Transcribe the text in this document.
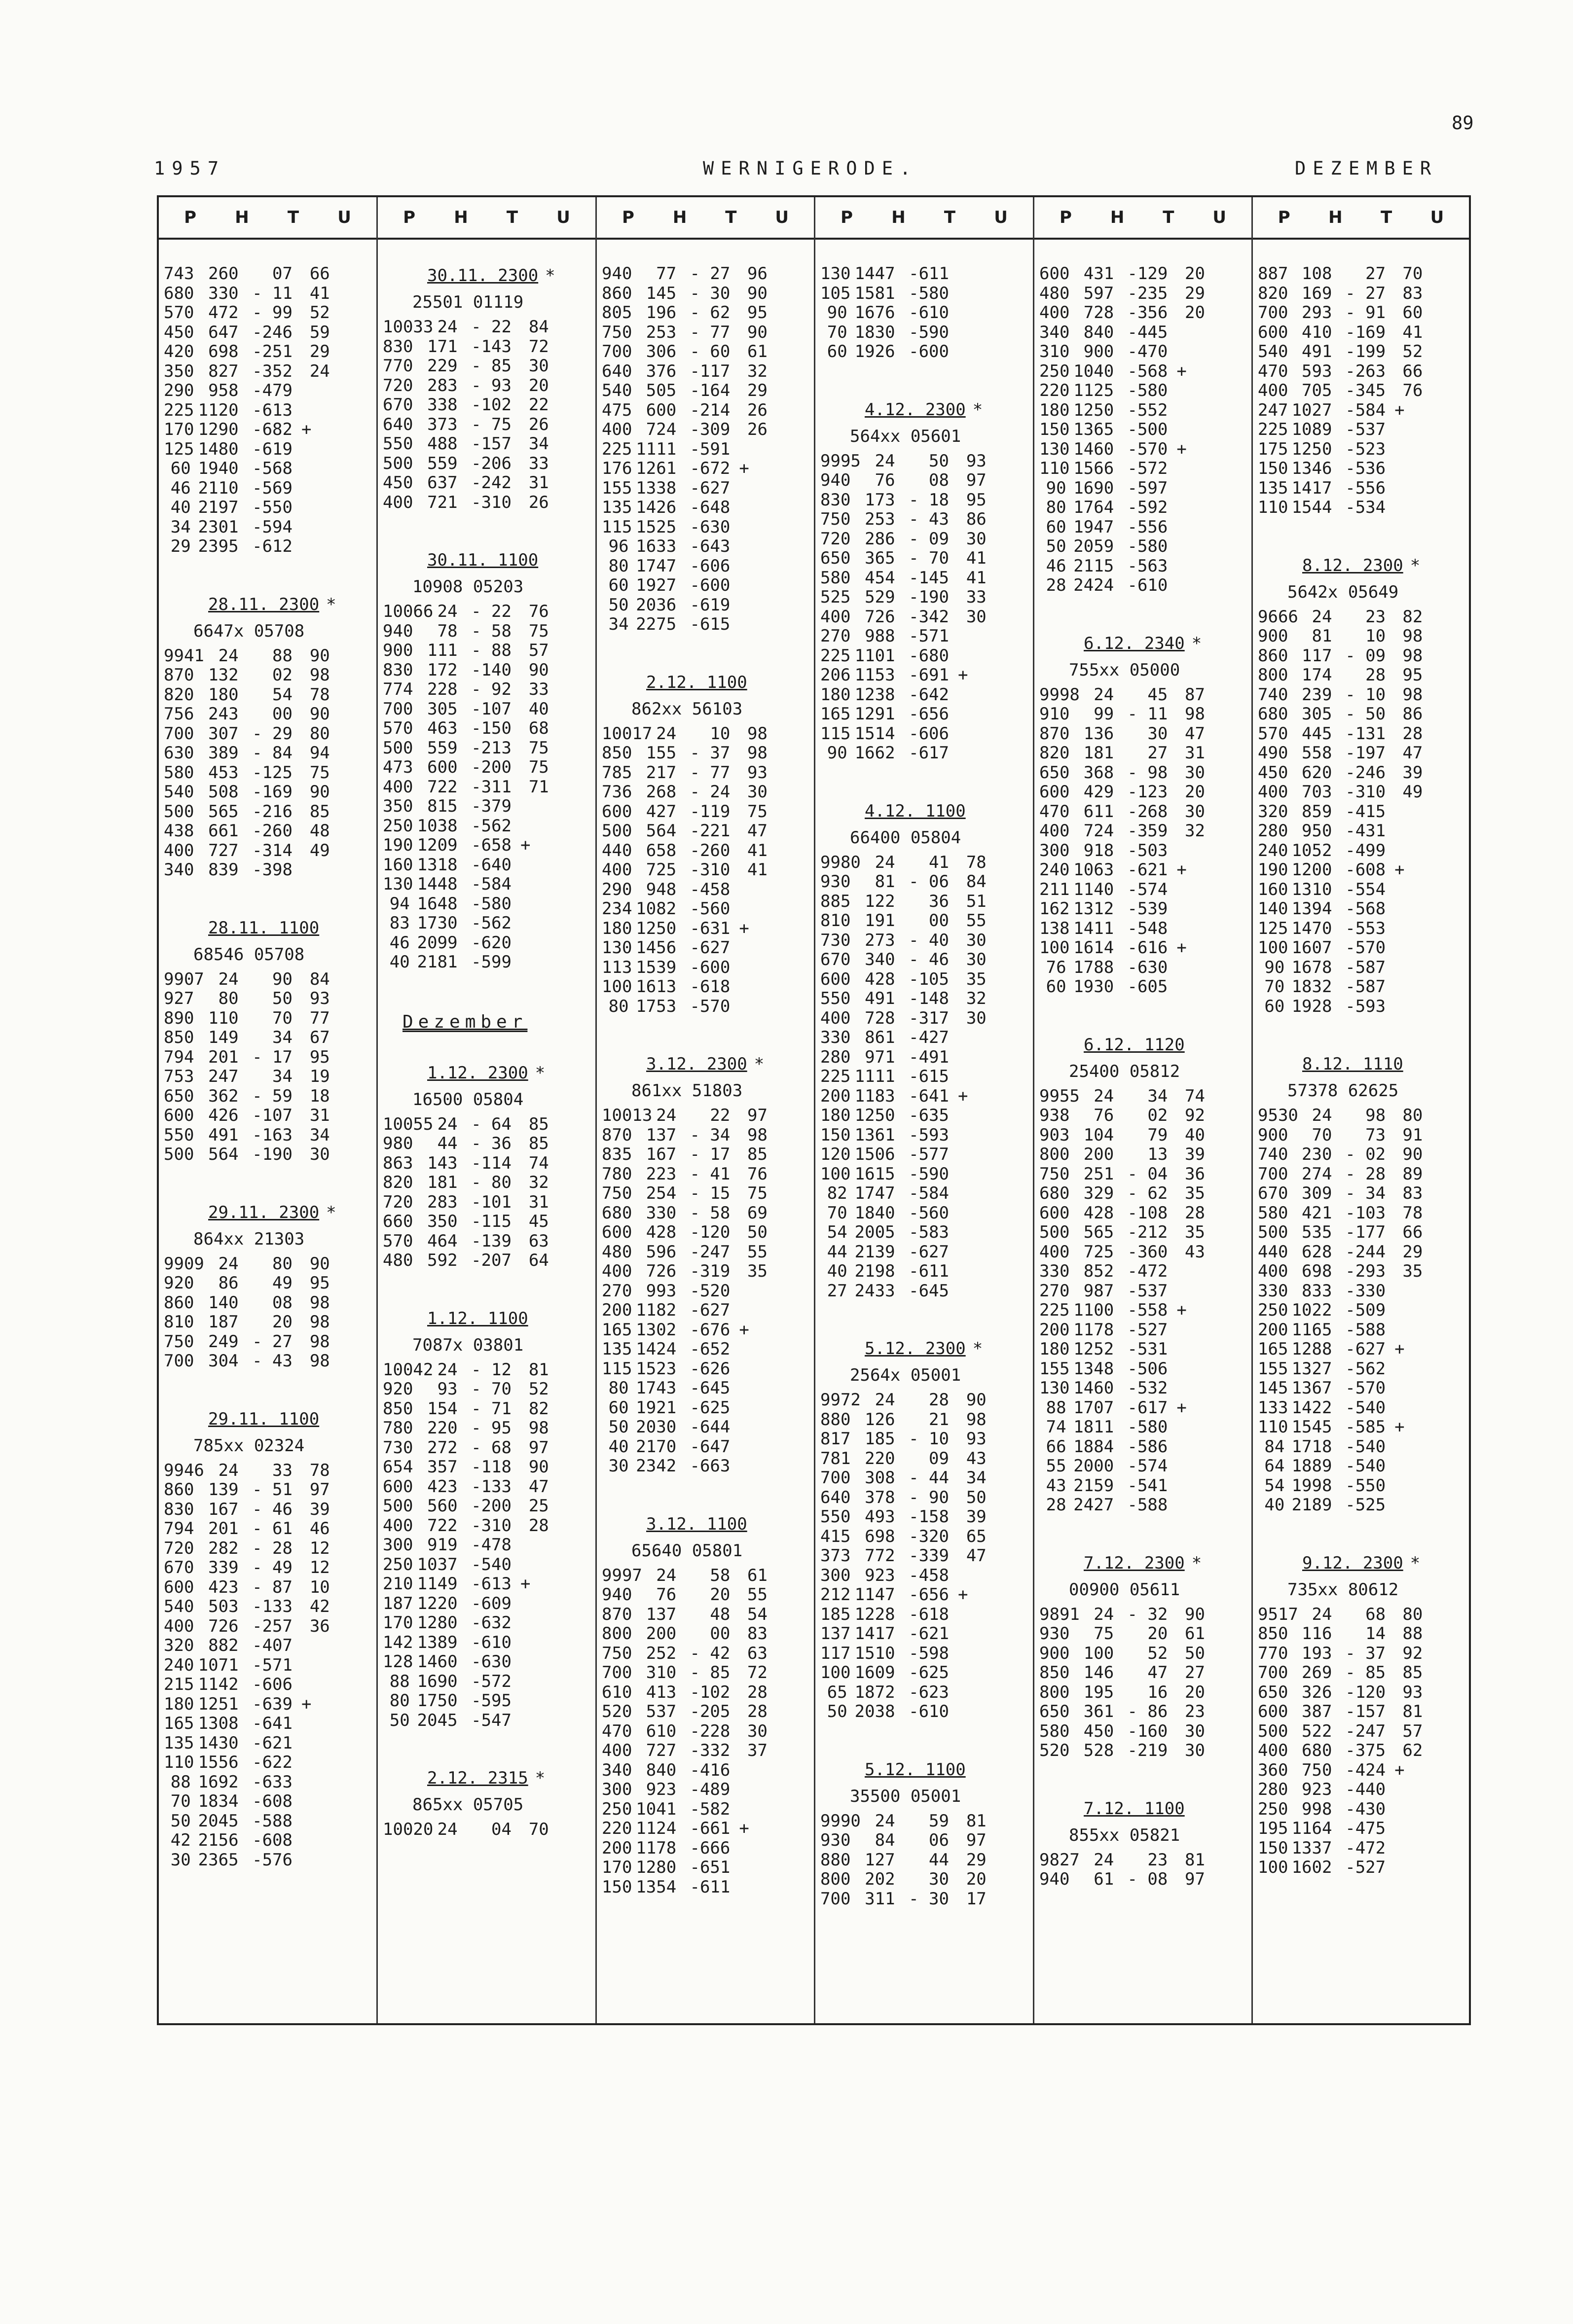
89
1957	WERNIGERODE.	DEZEMBER
P H T U
743 260	07	66
680 330 - 11	41
570 472 - 99	52
450 647 -246	59
420 698 -251	29
350 827 -352	24
290 958 -479
225 1120 -613
170 1290 -682 +
125 1480 -619
60 1940 -568
46 2110 -569
40 2197 -550
34 2301 -594
29 2395 -612
28.11. 2300 *
6647x 05708
9941 24	88	90
870 132	02	98
820 180	54	78
756 243	00	90
700 307 - 29	80
630 389 - 84	94
580 453 -125	75
540 508 -169	90
500 565 -216	85
438 661 -260	48
400 727 -314	49
340 839 -398
28.11. 1100
68546 05708
9907 24	90	84
927	80	50	93
890 110	70	77
850 149	34	67
794 201 - 17	95
753 247	34	19
650 362 - 59	18
600 426 -107	31
550 491 -163	34
500 564 -190	30
29.11. 2300 *
864xx 21303
9909 24	80	90
920	86	49	95
860 140	08	98
810 187	20	98
750 249 - 27	98
700 304 - 43	98
29.11. 1100
785xx 02324
9946 24	33	78
860 139 - 51	97
830 167 - 46	39
794 201 - 61	46
720 282 - 28	12
670 339 - 49	12
600 423 - 87	10
540 503 -133	42
400 726 -257	36
320 882 -407
240 1071 -571
215 1142 -606
180 1251 -639 +
165 1308 -641
135 1430 -621
110 1556 -622
88 1692 -633
70 1834 -608
50 2045 -588
42 2156 -608
30 2365 -576
P H T U
30.11. 2300 *
25501 01119
10033 24 - 22	84
830 171 -143	72
770 229 - 85	30
720 283 - 93	20
670 338 -102	22
640 373 - 75	26
550 488 -157	34
500 559 -206	33
450 637 -242	31
400 721 -310	26
30.11. 1100
10908 05203
10066 24 - 22	76
940	78 - 58	75
900 111 - 88	57
830 172 -140	90
774 228 - 92	33
700 305 -107	40
570 463 -150	68
500 559 -213	75
473 600 -200	75
400 722 -311	71
350 815 -379
250 1038 -562
190 1209 -658 +
160 1318 -640
130 1448 -584
94 1648 -580
83 1730 -562
46 2099 -620
40 2181 -599
Dezember
1.12. 2300 *
16500 05804
10055 24 - 64	85
980	44 - 36	85
863 143 -114	74
820 181 - 80	32
720 283 -101	31
660 350 -115	45
570 464 -139	63
480 592 -207	64
1.12. 1100
7087x 03801
10042 24 - 12	81
920	93 - 70	52
850 154 - 71	82
780 220 - 95	98
730 272 - 68	97
654 357 -118	90
600 423 -133	47
500 560 -200	25
400 722 -310	28
300 919 -478
250 1037 -540
210 1149 -613 +
187 1220 -609
170 1280 -632
142 1389 -610
128 1460 -630
88 1690 -572
80 1750 -595
50 2045 -547
2.12. 2315 *
865xx 05705
10020 24	04	70
P H T U
940	77 - 27	96
860 145 - 30	90
805 196 - 62	95
750 253 - 77	90
700 306 - 60	61
640 376 -117	32
540 505 -164	29
475 600 -214	26
400 724 -309	26
225 1111 -591
176 1261 -672 +
155 1338 -627
135 1426 -648
115 1525 -630
96 1633 -643
80 1747 -606
60 1927 -600
50 2036 -619
34 2275 -615
2.12. 1100
862xx 56103
10017 24	10	98
850 155 - 37	98
785 217 - 77	93
736 268 - 24	30
600 427 -119	75
500 564 -221	47
440 658 -260	41
400 725 -310	41
290 948 -458
234 1082 -560
180 1250 -631 +
130 1456 -627
113 1539 -600
100 1613 -618
80 1753 -570
3.12. 2300 *
861xx 51803
10013 24	22	97
870 137 - 34	98
835 167 - 17	85
780 223 - 41	76
750 254 - 15	75
680 330 - 58	69
600 428 -120	50
480 596 -247	55
400 726 -319	35
270 993 -520
200 1182 -627
165 1302 -676 +
135 1424 -652
115 1523 -626
80 1743 -645
60 1921 -625
50 2030 -644
40 2170 -647
30 2342 -663
3.12. 1100
65640 05801
9997 24	58	61
940	76	20	55
870 137	48	54
800 200	00	83
750 252 - 42	63
700 310 - 85	72
610 413 -102	28
520 537 -205	28
470 610 -228	30
400 727 -332	37
340 840 -416
300 923 -489
250 1041 -582
220 1124 -661 +
200 1178 -666
170 1280 -651
150 1354 -611
P H T U
130 1447 -611
105 1581 -580
90 1676 -610
70 1830 -590
60 1926 -600
4.12. 2300 *
564xx 05601
9995 24	50	93
940	76	08	97
830 173 - 18	95
750 253 - 43	86
720 286 - 09	30
650 365 - 70	41
580 454 -145	41
525 529 -190	33
400 726 -342	30
270 988 -571
225 1101 -680
206 1153 -691 +
180 1238 -642
165 1291 -656
115 1514 -606
90 1662 -617
4.12. 1100
66400 05804
9980 24	41	78
930	81 - 06	84
885 122	36	51
810 191	00	55
730 273 - 40	30
670 340 - 46	30
600 428 -105	35
550 491 -148	32
400 728 -317	30
330 861 -427
280 971 -491
225 1111 -615
200 1183 -641 +
180 1250 -635
150 1361 -593
120 1506 -577
100 1615 -590
82 1747 -584
70 1840 -560
54 2005 -583
44 2139 -627
40 2198 -611
27 2433 -645
5.12. 2300 *
2564x 05001
9972 24	28	90
880 126	21	98
817 185 - 10	93
781 220	09	43
700 308 - 44	34
640 378 - 90	50
550 493 -158	39
415 698 -320	65
373 772 -339	47
300 923 -458
212 1147 -656 +
185 1228 -618
137 1417 -621
117 1510 -598
100 1609 -625
65 1872 -623
50 2038 -610
5.12. 1100
35500 05001
9990 24	59	81
930	84	06	97
880 127	44	29
800 202	30	20
700 311 - 30	17
P H T U
600 431 -129	20
480 597 -235	29
400 728 -356	20
340 840 -445
310 900 -470
250 1040 -568 +
220 1125 -580
180 1250 -552
150 1365 -500
130 1460 -570 +
110 1566 -572
90 1690 -597
80 1764 -592
60 1947 -556
50 2059 -580
46 2115 -563
28 2424 -610
6.12. 2340 *
755xx 05000
9998 24	45	87
910	99 - 11	98
870 136	30	47
820 181	27	31
650 368 - 98	30
600 429 -123	20
470 611 -268	30
400 724 -359	32
300 918 -503
240 1063 -621 +
211 1140 -574
162 1312 -539
138 1411 -548
100 1614 -616 +
76 1788 -630
60 1930 -605
6.12. 1120
25400 05812
9955 24	34	74
938	76	02	92
903 104	79	40
800 200	13	39
750 251 - 04	36
680 329 - 62	35
600 428 -108	28
500 565 -212	35
400 725 -360	43
330 852 -472
270 987 -537
225 1100 -558 +
200 1178 -527
180 1252 -531
155 1348 -506
130 1460 -532
88 1707 -617 +
74 1811 -580
66 1884 -586
55 2000 -574
43 2159 -541
28 2427 -588
7.12. 2300 *
00900 05611
9891 24 - 32	90
930	75	20	61
900 100	52	50
850 146	47	27
800 195	16	20
650 361 - 86	23
580 450 -160	30
520 528 -219	30
7.12. 1100
855xx 05821
9827 24	23	81
940	61 - 08	97
P H T U
887 108	27	70
820 169 - 27	83
700 293 - 91	60
600 410 -169	41
540 491 -199	52
470 593 -263	66
400 705 -345	76
247 1027 -584 +
225 1089 -537
175 1250 -523
150 1346 -536
135 1417 -556
110 1544 -534
8.12. 2300 *
5642x 05649
9666 24	23	82
900	81	10	98
860 117 - 09	98
800 174	28	95
740 239 - 10	98
680 305 - 50	86
570 445 -131	28
490 558 -197	47
450 620 -246	39
400 703 -310	49
320 859 -415
280 950 -431
240 1052 -499
190 1200 -608 +
160 1310 -554
140 1394 -568
125 1470 -553
100 1607 -570
90 1678 -587
70 1832 -587
60 1928 -593
8.12. 1110
57378 62625
9530 24	98	80
900	70	73	91
740 230 - 02	90
700 274 - 28	89
670 309 - 34	83
580 421 -103	78
500 535 -177	66
440 628 -244	29
400 698 -293	35
330 833 -330
250 1022 -509
200 1165 -588
165 1288 -627 +
155 1327 -562
145 1367 -570
133 1422 -540
110 1545 -585 +
84 1718 -540
64 1889 -540
54 1998 -550
40 2189 -525
9.12. 2300 *
735xx 80612
9517 24	68	80
850 116	14	88
770 193 - 37	92
700 269 - 85	85
650 326 -120	93
600 387 -157	81
500 522 -247	57
400 680 -375	62
360 750 -424 +
280 923 -440
250 998 -430
195 1164 -475
150 1337 -472
100 1602 -527
